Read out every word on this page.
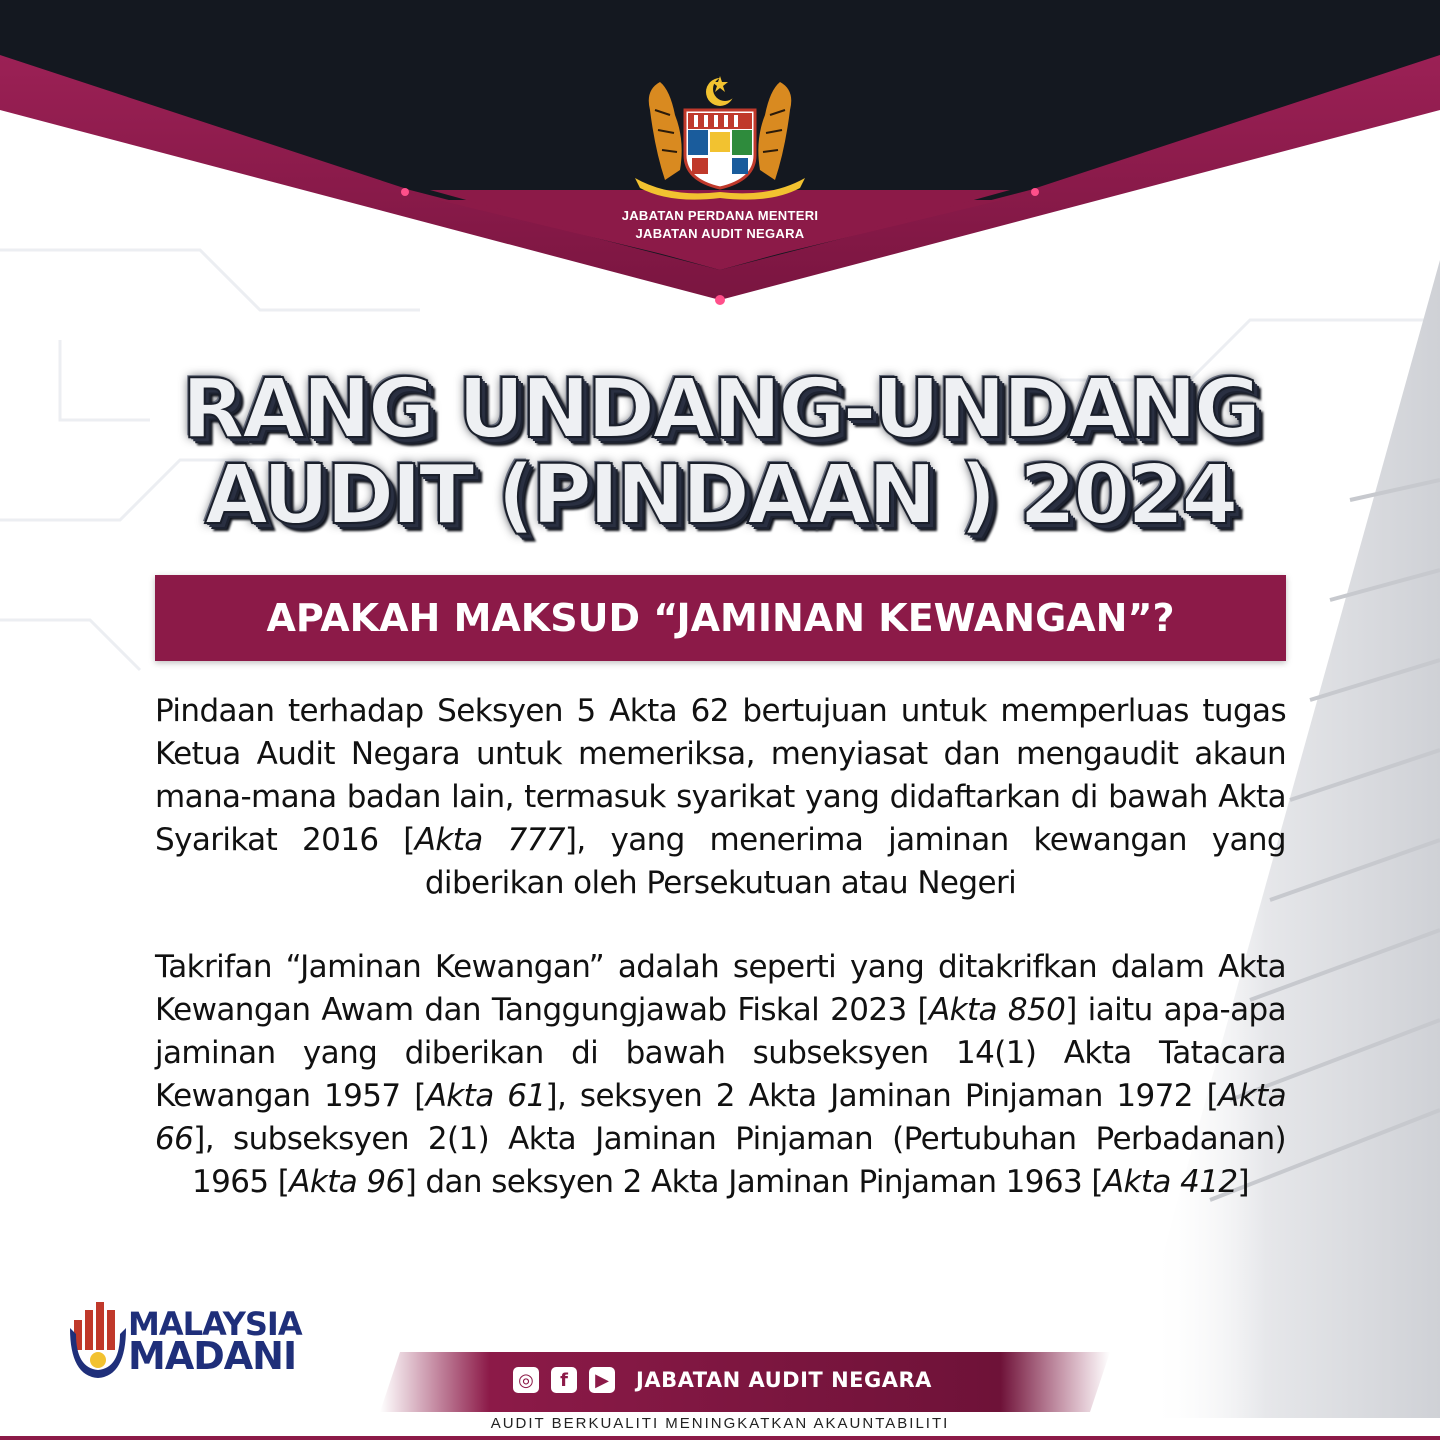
JABATAN PERDANA MENTERI
JABATAN AUDIT NEGARA
RANG UNDANG-UNDANG
AUDIT (PINDAAN ) 2024
APAKAH MAKSUD “JAMINAN KEWANGAN”?
Pindaan terhadap Seksyen 5 Akta 62 bertujuan untuk memperluas tugas Ketua Audit Negara untuk memeriksa, menyiasat dan mengaudit akaun mana-mana badan lain, termasuk syarikat yang didaftarkan di bawah Akta Syarikat 2016 [Akta 777], yang menerima jaminan kewangan yang diberikan oleh Persekutuan atau Negeri
Takrifan “Jaminan Kewangan” adalah seperti yang ditakrifkan dalam Akta Kewangan Awam dan Tanggungjawab Fiskal 2023 [Akta 850] iaitu apa-apa jaminan yang diberikan di bawah subseksyen 14(1) Akta Tatacara Kewangan 1957 [Akta 61], seksyen 2 Akta Jaminan Pinjaman 1972 [Akta 66], subseksyen 2(1) Akta Jaminan Pinjaman (Pertubuhan Perbadanan) 1965 [Akta 96] dan seksyen 2 Akta Jaminan Pinjaman 1963 [Akta 412]
MALAYSIA
MADANI
◎	f	▶ JABATAN AUDIT NEGARA
AUDIT BERKUALITI MENINGKATKAN AKAUNTABILITI
